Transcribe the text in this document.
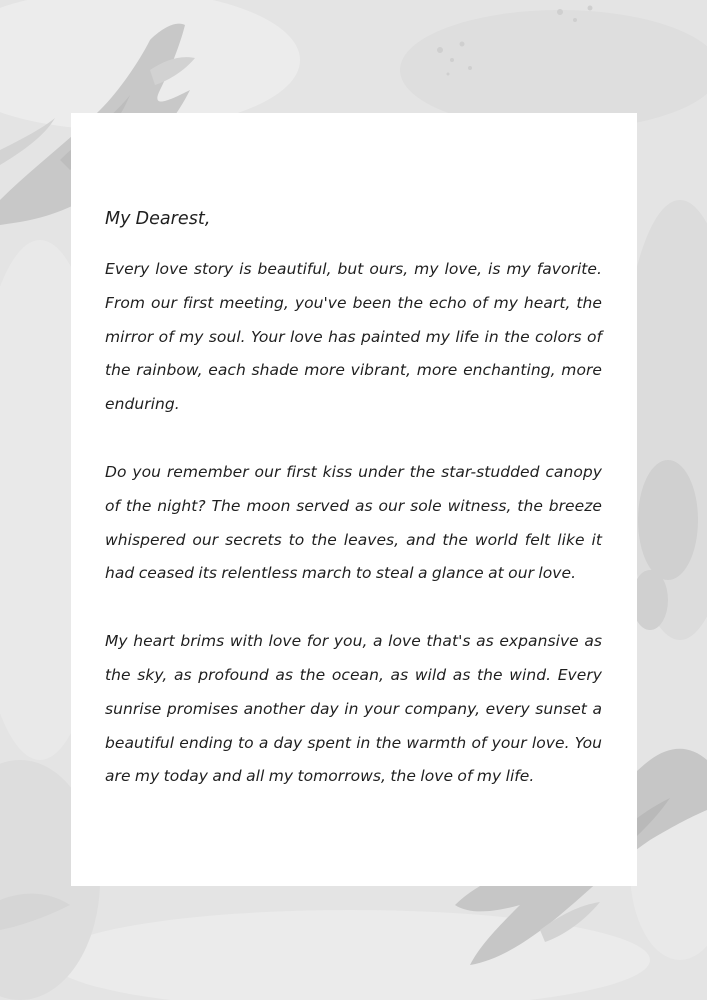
My Dearest,

Every love story is beautiful, but ours, my love, is my favorite. From our first meeting, you've been the echo of my heart, the mirror of my soul. Your love has painted my life in the colors of the rainbow, each shade more vibrant, more enchanting, more enduring.

Do you remember our first kiss under the star-studded canopy of the night? The moon served as our sole witness, the breeze whispered our secrets to the leaves, and the world felt like it had ceased its relentless march to steal a glance at our love.

My heart brims with love for you, a love that's as expansive as the sky, as profound as the ocean, as wild as the wind. Every sunrise promises another day in your company, every sunset a beautiful ending to a day spent in the warmth of your love. You are my today and all my tomorrows, the love of my life.
